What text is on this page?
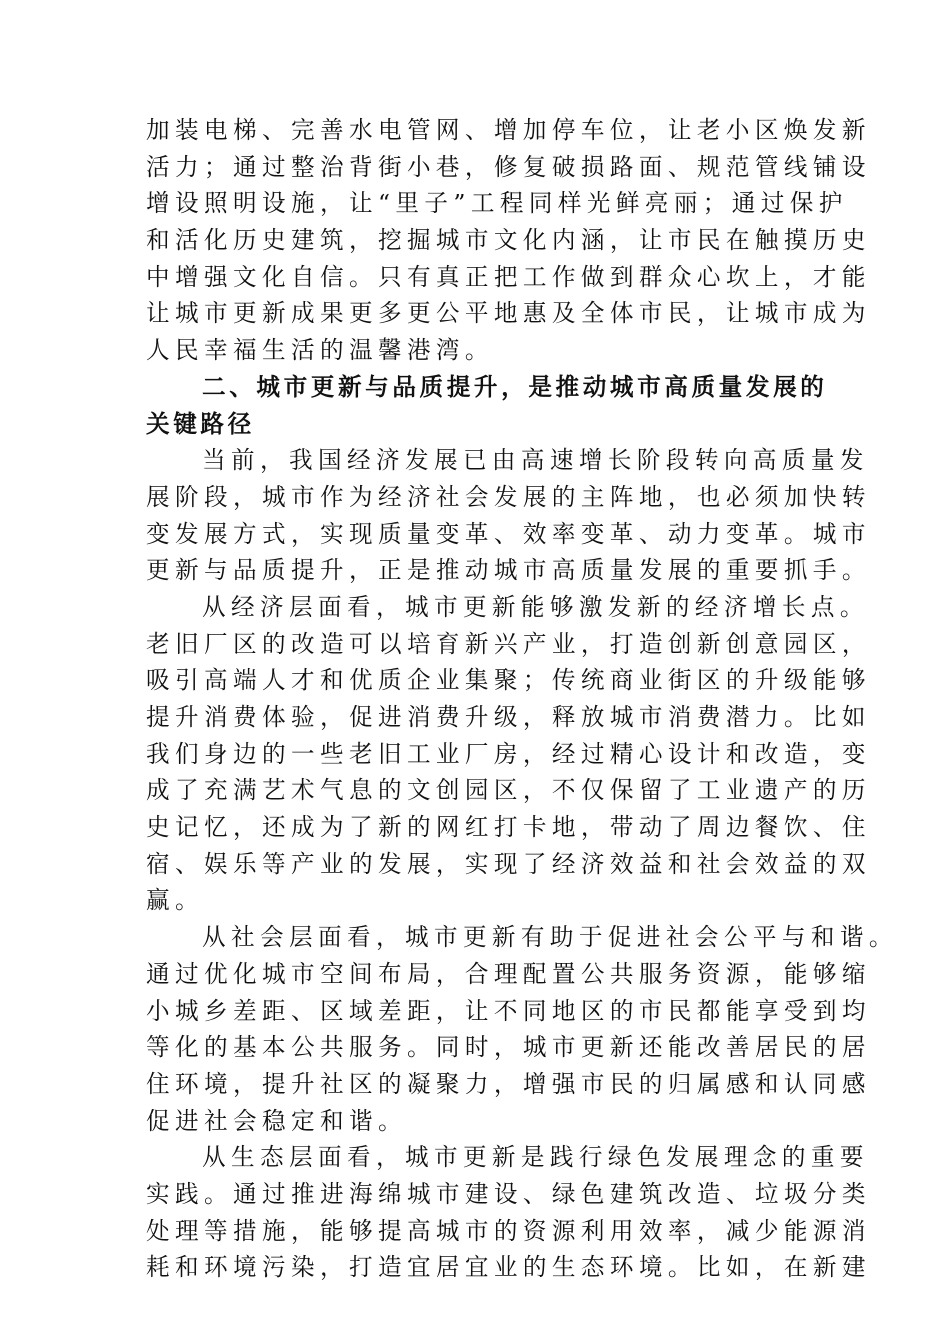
加装电梯、完善水电管网、增加停车位，让老小区焕发新
活力；通过整治背街小巷，修复破损路面、规范管线铺设
增设照明设施，让“里子”工程同样光鲜亮丽；通过保护
和活化历史建筑，挖掘城市文化内涵，让市民在触摸历史
中增强文化自信。只有真正把工作做到群众心坎上，才能
让城市更新成果更多更公平地惠及全体市民，让城市成为
人民幸福生活的温馨港湾。
二、城市更新与品质提升，是推动城市高质量发展的
关键路径
当前，我国经济发展已由高速增长阶段转向高质量发
展阶段，城市作为经济社会发展的主阵地，也必须加快转
变发展方式，实现质量变革、效率变革、动力变革。城市
更新与品质提升，正是推动城市高质量发展的重要抓手。
从经济层面看，城市更新能够激发新的经济增长点。
老旧厂区的改造可以培育新兴产业，打造创新创意园区，
吸引高端人才和优质企业集聚；传统商业街区的升级能够
提升消费体验，促进消费升级，释放城市消费潜力。比如
我们身边的一些老旧工业厂房，经过精心设计和改造，变
成了充满艺术气息的文创园区，不仅保留了工业遗产的历
史记忆，还成为了新的网红打卡地，带动了周边餐饮、住
宿、娱乐等产业的发展，实现了经济效益和社会效益的双
赢。
从社会层面看，城市更新有助于促进社会公平与和谐。
通过优化城市空间布局，合理配置公共服务资源，能够缩
小城乡差距、区域差距，让不同地区的市民都能享受到均
等化的基本公共服务。同时，城市更新还能改善居民的居
住环境，提升社区的凝聚力，增强市民的归属感和认同感
促进社会稳定和谐。
从生态层面看，城市更新是践行绿色发展理念的重要
实践。通过推进海绵城市建设、绿色建筑改造、垃圾分类
处理等措施，能够提高城市的资源利用效率，减少能源消
耗和环境污染，打造宜居宜业的生态环境。比如，在新建
